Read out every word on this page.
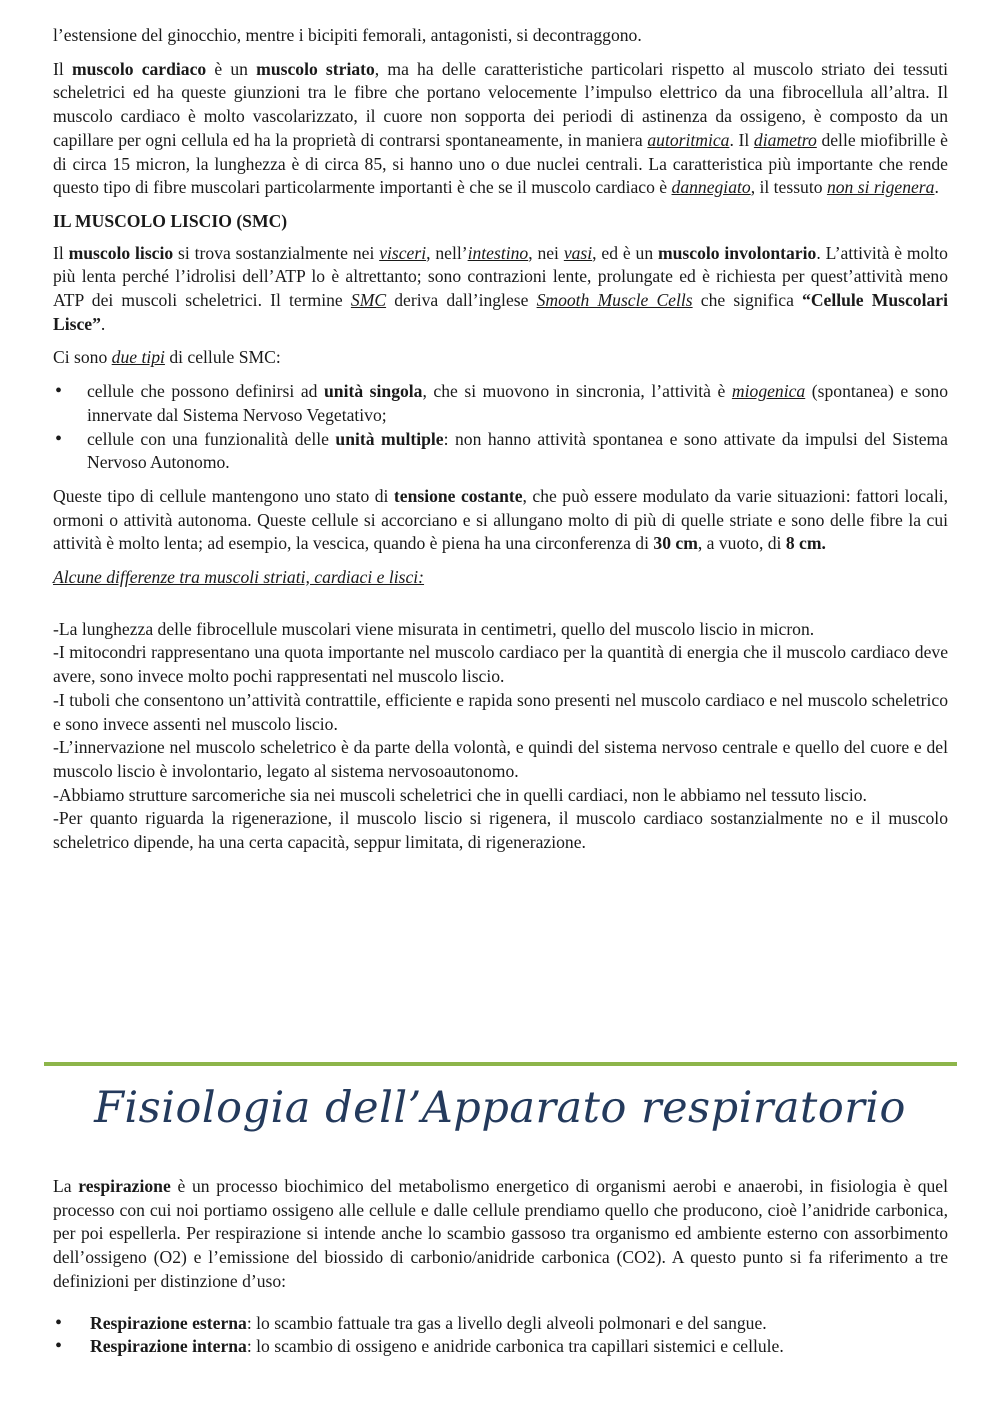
l’estensione del ginocchio, mentre i bicipiti femorali, antagonisti, si decontraggono.

Il muscolo cardiaco è un muscolo striato, ma ha delle caratteristiche particolari rispetto al muscolo striato dei tessuti scheletrici ed ha queste giunzioni tra le fibre che portano velocemente l’impulso elettrico da una fibrocellula all’altra. Il muscolo cardiaco è molto vascolarizzato, il cuore non sopporta dei periodi di astinenza da ossigeno, è composto da un capillare per ogni cellula ed ha la proprietà di contrarsi spontaneamente, in maniera autoritmica. Il diametro delle miofibrille è di circa 15 micron, la lunghezza è di circa 85, si hanno uno o due nuclei centrali. La caratteristica più importante che rende questo tipo di fibre muscolari particolarmente importanti è che se il muscolo cardiaco è dannegiato, il tessuto non si rigenera.

IL MUSCOLO LISCIO (SMC)

Il muscolo liscio si trova sostanzialmente nei visceri, nell’intestino, nei vasi, ed è un muscolo involontario. L’attività è molto più lenta perché l’idrolisi dell’ATP lo è altrettanto; sono contrazioni lente, prolungate ed è richiesta per quest’attività meno ATP dei muscoli scheletrici. Il termine SMC deriva dall’inglese Smooth Muscle Cells che significa “Cellule Muscolari Lisce”.

Ci sono due tipi di cellule SMC:

• cellule che possono definirsi ad unità singola, che si muovono in sincronia, l’attività è miogenica (spontanea) e sono innervate dal Sistema Nervoso Vegetativo;
• cellule con una funzionalità delle unità multiple: non hanno attività spontanea e sono attivate da impulsi del Sistema Nervoso Autonomo.

Queste tipo di cellule mantengono uno stato di tensione costante, che può essere modulato da varie situazioni: fattori locali, ormoni o attività autonoma. Queste cellule si accorciano e si allungano molto di più di quelle striate e sono delle fibre la cui attività è molto lenta; ad esempio, la vescica, quando è piena ha una circonferenza di 30 cm, a vuoto, di 8 cm.

Alcune differenze tra muscoli striati, cardiaci e lisci:

-La lunghezza delle fibrocellule muscolari viene misurata in centimetri, quello del muscolo liscio in micron.

-I mitocondri rappresentano una quota importante nel muscolo cardiaco per la quantità di energia che il muscolo cardiaco deve avere, sono invece molto pochi rappresentati nel muscolo liscio.

-I tuboli che consentono un’attività contrattile, efficiente e rapida sono presenti nel muscolo cardiaco e nel muscolo scheletrico e sono invece assenti nel muscolo liscio.

-L’innervazione nel muscolo scheletrico è da parte della volontà, e quindi del sistema nervoso centrale e quello del cuore e del muscolo liscio è involontario, legato al sistema nervosoautonomo.

-Abbiamo strutture sarcomeriche sia nei muscoli scheletrici che in quelli cardiaci, non le abbiamo nel tessuto liscio.

-Per quanto riguarda la rigenerazione, il muscolo liscio si rigenera, il muscolo cardiaco sostanzialmente no e il muscolo scheletrico dipende, ha una certa capacità, seppur limitata, di rigenerazione.

Fisiologia dell’Apparato respiratorio

La respirazione è un processo biochimico del metabolismo energetico di organismi aerobi e anaerobi, in fisiologia è quel processo con cui noi portiamo ossigeno alle cellule e dalle cellule prendiamo quello che producono, cioè l’anidride carbonica, per poi espellerla. Per respirazione si intende anche lo scambio gassoso tra organismo ed ambiente esterno con assorbimento dell’ossigeno (O2) e l’emissione del biossido di carbonio/anidride carbonica (CO2). A questo punto si fa riferimento a tre definizioni per distinzione d’uso:

• Respirazione esterna: lo scambio fattuale tra gas a livello degli alveoli polmonari e del sangue.
• Respirazione interna: lo scambio di ossigeno e anidride carbonica tra capillari sistemici e cellule.
